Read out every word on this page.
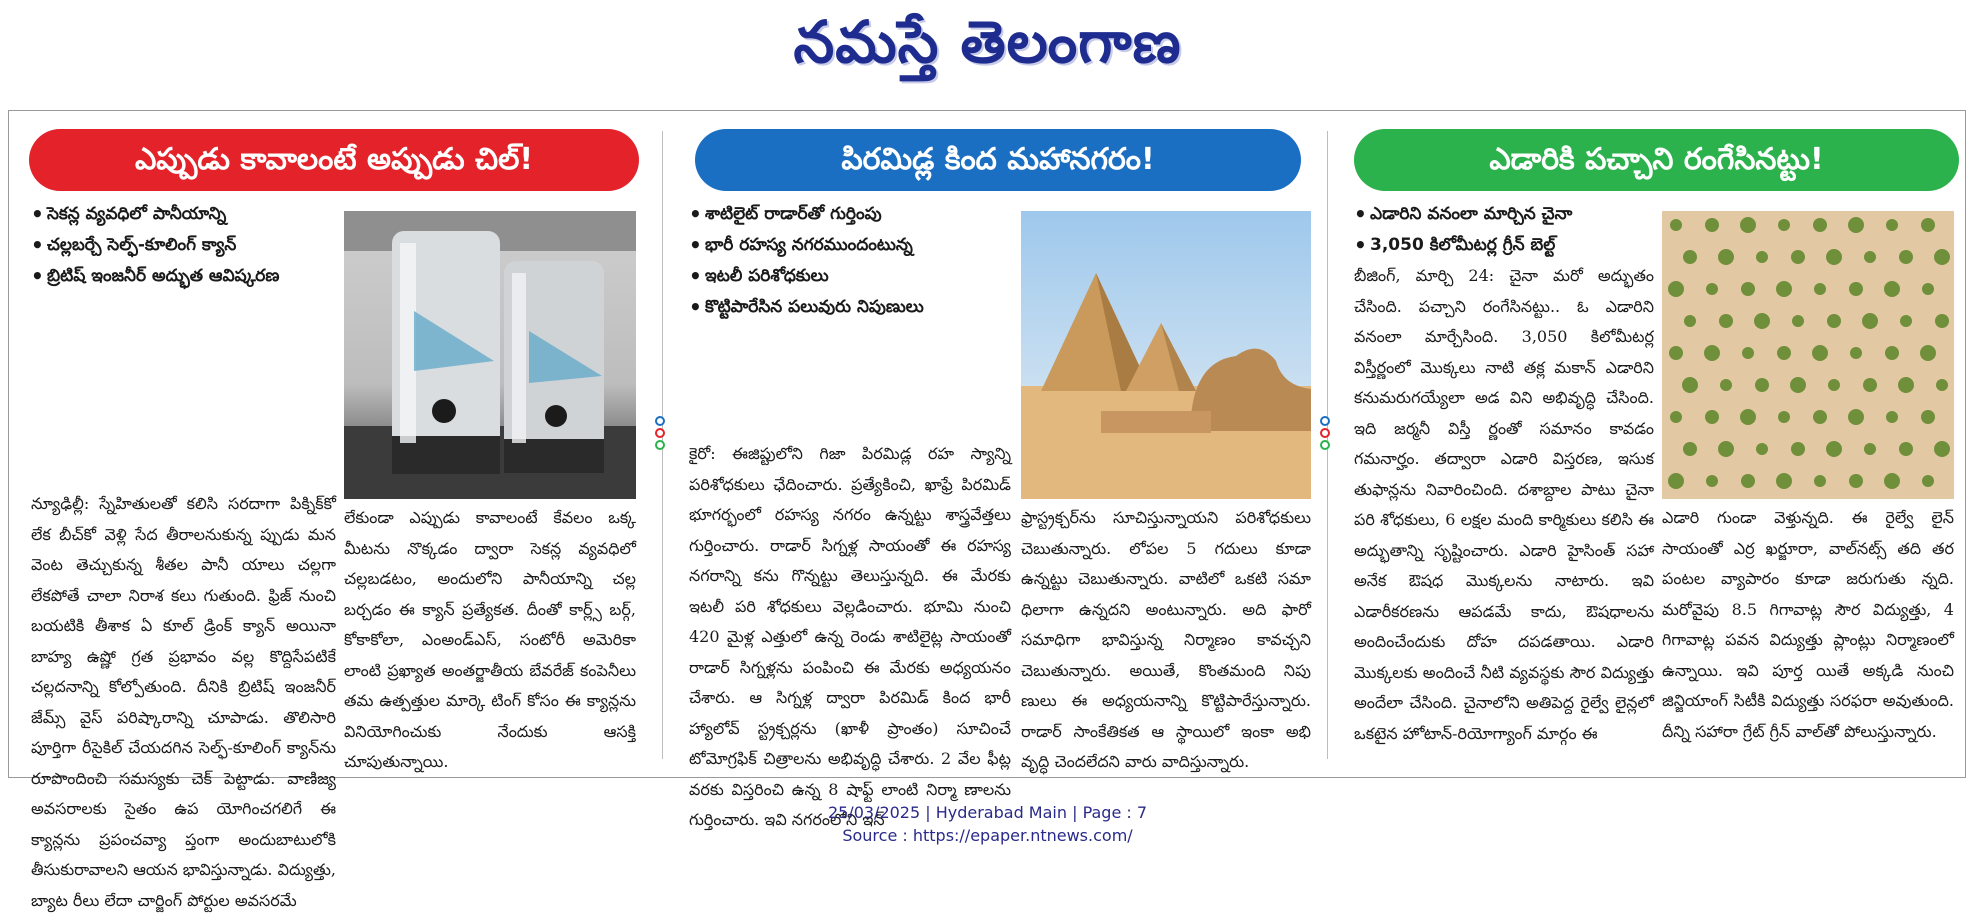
నమస్తే తెలంగాణ
ఎప్పుడు కావాలంటే అప్పుడు చిల్‌!
• సెకన్ల వ్యవధిలో పానీయాన్ని
• చల్లబర్చే సెల్ఫ్‌-కూలింగ్‌ క్యాన్‌
• బ్రిటిష్‌ ఇంజనీర్‌ అద్భుత ఆవిష్కరణ

న్యూఢిల్లీ: స్నేహితులతో కలిసి సరదాగా పిక్నిక్‌కో లేక బీచ్‌కో వెళ్లి సేద తీరాలనుకున్న ప్పుడు మన వెంట తెచ్చుకున్న శీతల పానీ యాలు చల్లగా లేకపోతే చాలా నిరాశ కలు గుతుంది. ఫ్రిజ్‌ నుంచి బయటికి తీశాక ఏ కూల్‌ డ్రింక్‌ క్యాన్‌ అయినా బాహ్య ఉష్ణో గ్రత ప్రభావం వల్ల కొద్దిసేపటికే చల్లదనాన్ని కోల్పోతుంది. దీనికి బ్రిటిష్‌ ఇంజనీర్‌ జేమ్స్‌ వైస్‌ పరిష్కారాన్ని చూపాడు. తొలిసారి పూర్తిగా రీసైకిల్‌ చేయదగిన సెల్ఫ్‌-కూలింగ్‌ క్యాన్‌ను రూపొందించి సమస్యకు చెక్‌ పెట్టాడు. వాణిజ్య అవసరాలకు సైతం ఉప యోగించగలిగే ఈ క్యాన్లను ప్రపంచవ్యా ప్తంగా అందుబాటులోకి తీసుకురావాలని ఆయన భావిస్తున్నాడు. విద్యుత్తు, బ్యాట రీలు లేదా చార్జింగ్‌ పోర్టుల అవసరమే

లేకుండా ఎప్పుడు కావాలంటే కేవలం ఒక్క మీటను నొక్కడం ద్వారా సెకన్ల వ్యవధిలో చల్లబడటం, అందులోని పానీయాన్ని చల్ల బర్చడం ఈ క్యాన్‌ ప్రత్యేకత. దీంతో కార్ల్స్‌ బర్గ్‌, కోకాకోలా, ఎంఅండ్‌ఎస్‌, సంటోరీ అమెరికా లాంటి ప్రఖ్యాత అంతర్జాతీయ బేవరేజ్‌ కంపెనీలు తమ ఉత్పత్తుల మార్కె టింగ్‌ కోసం ఈ క్యాన్లను వినియోగించుకు నేందుకు ఆసక్తి చూపుతున్నాయి.

పిరమిడ్ల కింద మహానగరం!
• శాటిలైట్‌ రాడార్‌తో గుర్తింపు
• భారీ రహస్య నగరముందంటున్న
• ఇటలీ పరిశోధకులు
• కొట్టిపారేసిన పలువురు నిపుణులు

కైరో: ఈజిప్టులోని గిజా పిరమిడ్ల రహ స్యాన్ని పరిశోధకులు ఛేదించారు. ప్రత్యేకించి, ఖాఫ్రే పిరమిడ్‌ భూగర్భంలో రహస్య నగరం ఉన్నట్టు శాస్త్రవేత్తలు గుర్తించారు. రాడార్‌ సిగ్నళ్ల సాయంతో ఈ రహస్య నగరాన్ని కను గొన్నట్టు తెలుస్తున్నది. ఈ మేరకు ఇటలీ పరి శోధకులు వెల్లడించారు. భూమి నుంచి 420 మైళ్ల ఎత్తులో ఉన్న రెండు శాటిలైట్ల సాయంతో రాడార్‌ సిగ్నళ్లను పంపించి ఈ మేరకు అధ్యయనం చేశారు. ఆ సిగ్నళ్ల ద్వారా పిరమిడ్‌ కింద భారీ హ్యాలోవ్‌ స్ట్రక్చర్లను (ఖాళీ ప్రాంతం) సూచించే టోమోగ్రఫిక్‌ చిత్రాలను అభివృద్ధి చేశారు. 2 వేల ఫీట్ల వరకు విస్తరించి ఉన్న 8 షాఫ్ట్‌ లాంటి నిర్మా ణాలను గుర్తించారు. ఇవి నగరంలోని ఇన్‌

ఫ్రాస్ట్రక్చర్‌ను సూచిస్తున్నాయని పరిశోధకులు చెబుతున్నారు. లోపల 5 గదులు కూడా ఉన్నట్టు చెబుతున్నారు. వాటిలో ఒకటి సమా ధిలాగా ఉన్నదని అంటున్నారు. అది ఫారో సమాధిగా భావిస్తున్న నిర్మాణం కావచ్చని చెబుతున్నారు. అయితే, కొంతమంది నిపు ణులు ఈ అధ్యయనాన్ని కొట్టిపారేస్తున్నారు. రాడార్‌ సాంకేతికత ఆ స్థాయిలో ఇంకా అభి వృద్ధి చెందలేదని వారు వాదిస్తున్నారు.

ఎడారికి పచ్చాని రంగేసినట్టు!
• ఎడారిని వనంలా మార్చిన చైనా
• 3,050 కిలోమీటర్ల గ్రీన్‌ బెల్ట్‌

బీజింగ్‌, మార్చి 24: చైనా మరో అద్భుతం చేసింది. పచ్చాని రంగేసినట్టు.. ఓ ఎడారిని వనంలా మార్చేసింది. 3,050 కిలోమీటర్ల విస్తీర్ణంలో మొక్కలు నాటి తక్ల మకాన్‌ ఎడారిని కనుమరుగయ్యేలా అడ విని అభివృద్ధి చేసింది. ఇది జర్మనీ విస్తీ ర్ణంతో సమానం కావడం గమనార్హం. తద్వారా ఎడారి విస్తరణ, ఇసుక తుఫాన్లను నివారించింది. దశాబ్దాల పాటు చైనా పరి శోధకులు, 6 లక్షల మంది కార్మికులు కలిసి ఈ అద్భుతాన్ని సృష్టించారు. ఎడారి హైసింత్‌ సహా అనేక ఔషధ మొక్కలను నాటారు. ఇవి ఎడారీకరణను ఆపడమే కాదు, ఔషధాలను అందించేందుకు దోహ దపడతాయి. ఎడారి మొక్కలకు అందించే నీటి వ్యవస్థకు సౌర విద్యుత్తు అందేలా చేసింది. చైనాలోని అతిపెద్ద రైల్వే లైన్లలో ఒకటైన హోటాన్‌-రియోగ్యాంగ్‌ మార్గం ఈ

ఎడారి గుండా వెళ్తున్నది. ఈ రైల్వే లైన్‌ సాయంతో ఎర్ర ఖర్జూరా, వాల్‌నట్స్‌ తది తర పంటల వ్యాపారం కూడా జరుగుతు న్నది. మరోవైపు 8.5 గిగావాట్ల సౌర విద్యుత్తు, 4 గిగావాట్ల పవన విద్యుత్తు ప్లాంట్లు నిర్మాణంలో ఉన్నాయి. ఇవి పూర్త యితే అక్కడి నుంచి జిన్జియాంగ్‌ సిటీకి విద్యుత్తు సరఫరా అవుతుంది. దీన్ని సహారా గ్రేట్‌ గ్రీన్‌ వాల్‌తో పోలుస్తున్నారు.

25/03/2025 | Hyderabad Main | Page : 7
Source : https://epaper.ntnews.com/
